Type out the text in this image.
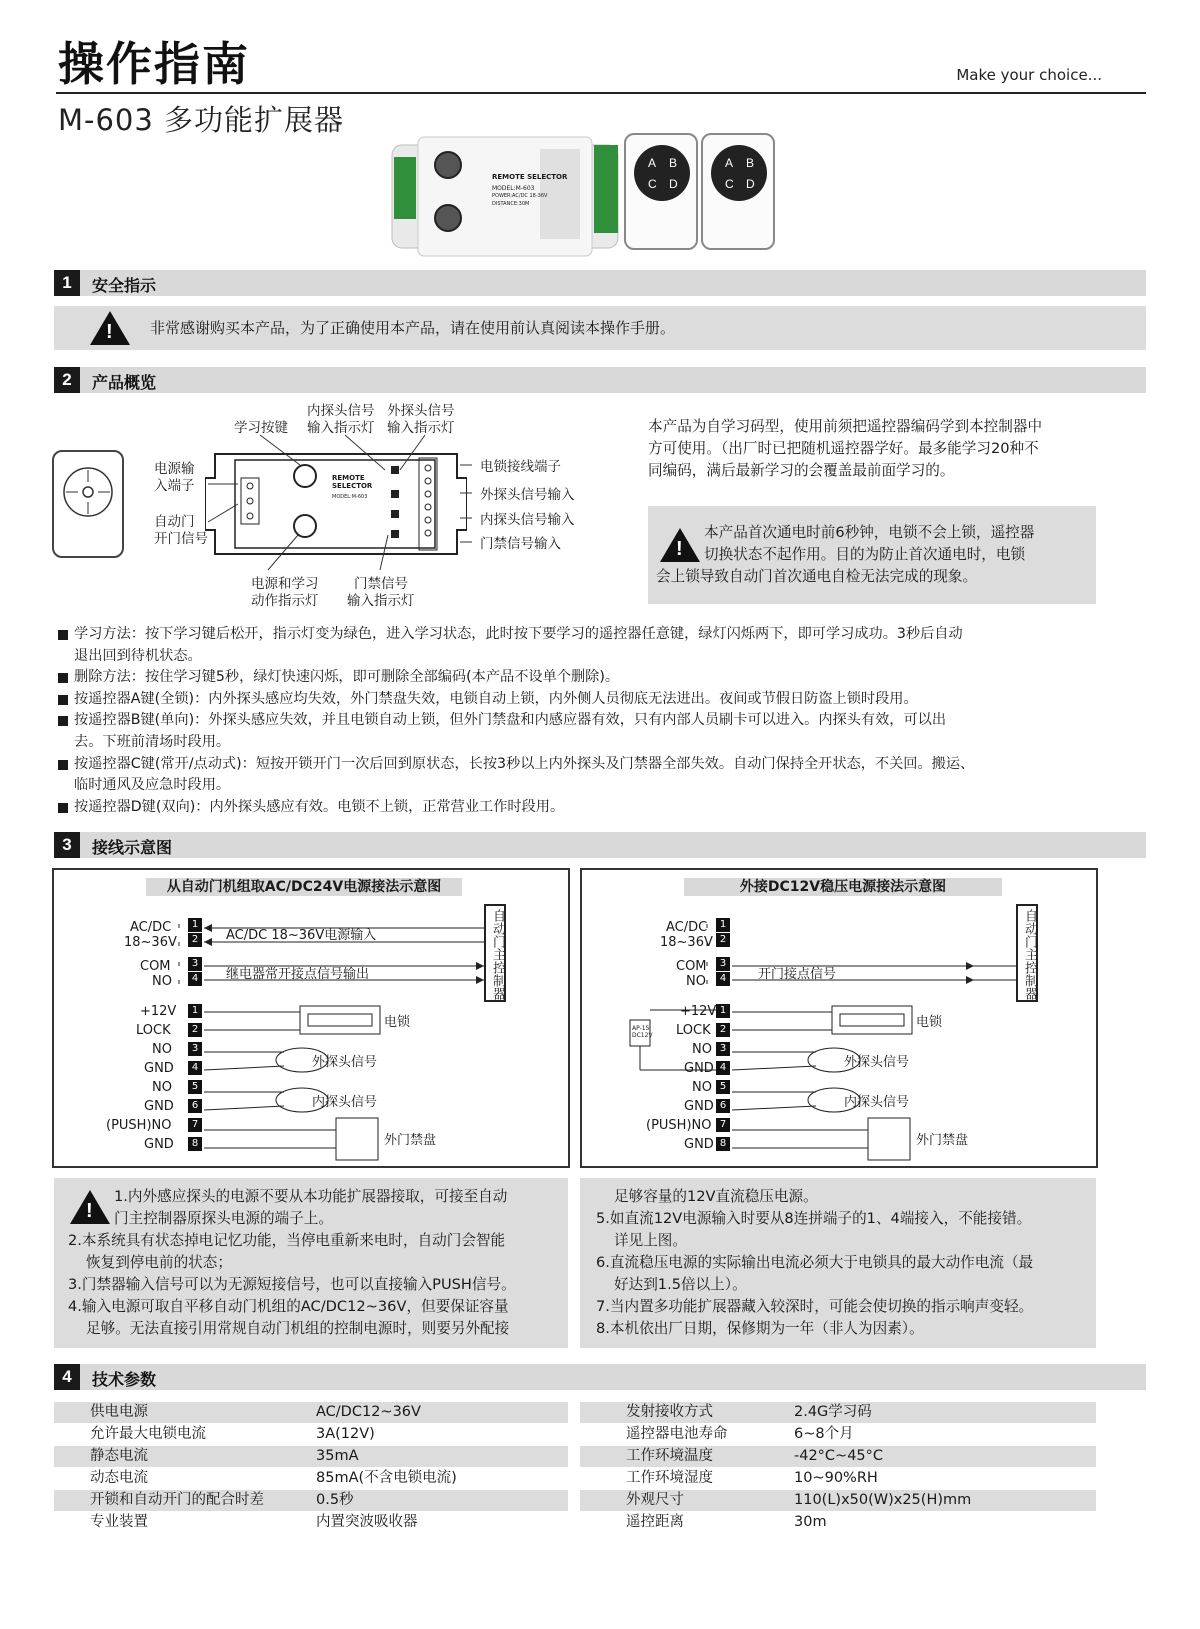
操作指南	Make your choice...
M-603 多功能扩展器
REMOTE SELECTOR
MODEL:M-603
POWER:AC/DC 18-36V
DISTANCE:30M
A B
C D
A B
C D
1	安全指示
!
非常感谢购买本产品，为了正确使用本产品，请在使用前认真阅读本操作手册。
2	产品概览
REMOTE SELECTOR
MODEL:M-603
学习按键
内探头信号
输入指示灯
外探头信号
输入指示灯
电源输
入端子
自动门
开门信号
电源和学习
动作指示灯
门禁信号
输入指示灯
电锁接线端子
外探头信号输入
内探头信号输入
门禁信号输入
本产品为自学习码型，使用前须把遥控器编码学到本控制器中
方可使用。（出厂时已把随机遥控器学好。最多能学习20种不
同编码，满后最新学习的会覆盖最前面学习的。
!
本产品首次通电时前6秒钟，电锁不会上锁，遥控器
切换状态不起作用。目的为防止首次通电时，电锁
会上锁导致自动门首次通电自检无法完成的现象。
学习方法：按下学习键后松开，指示灯变为绿色，进入学习状态，此时按下要学习的遥控器任意键，绿灯闪烁两下，即可学习成功。3秒后自动
退出回到待机状态。
删除方法：按住学习键5秒，绿灯快速闪烁，即可删除全部编码(本产品不设单个删除)。
按遥控器A键(全锁)：内外探头感应均失效，外门禁盘失效，电锁自动上锁，内外侧人员彻底无法进出。夜间或节假日防盗上锁时段用。
按遥控器B键(单向)：外探头感应失效，并且电锁自动上锁，但外门禁盘和内感应器有效，只有内部人员刷卡可以进入。内探头有效，可以出
去。下班前清场时段用。
按遥控器C键(常开/点动式)：短按开锁开门一次后回到原状态，长按3秒以上内外探头及门禁器全部失效。自动门保持全开状态，不关回。搬运、
临时通风及应急时段用。
按遥控器D键(双向)：内外探头感应有效。电锁不上锁，正常营业工作时段用。
3	接线示意图
从自动门机组取AC/DC24V电源接法示意图
自动门主控制器
1
2
3
4
1
2
3
4
5
6
7
8
AC/DC
18~36V
COM
NO
+12V
LOCK
NO
GND
NO
GND
(PUSH)NO
GND
AC/DC 18~36V电源输入
继电器常开接点信号输出
电锁
外探头信号
内探头信号
外门禁盘
外接DC12V稳压电源接法示意图
自动门主控制器
1
2
3
4
1
2
3
4
5
6
7
8
AC/DC
18~36V
COM
NO
+12V
LOCK
NO
GND
NO
GND
(PUSH)NO
GND
AP-15 DC12V
开门接点信号
电锁
外探头信号
内探头信号
外门禁盘
!
1.内外感应探头的电源不要从本功能扩展器接取，可接至自动
门主控制器原探头电源的端子上。
2.本系统具有状态掉电记忆功能，当停电重新来电时，自动门会智能
恢复到停电前的状态；
3.门禁器输入信号可以为无源短接信号，也可以直接输入PUSH信号。
4.输入电源可取自平移自动门机组的AC/DC12~36V，但要保证容量
足够。无法直接引用常规自动门机组的控制电源时，则要另外配接
足够容量的12V直流稳压电源。
5.如直流12V电源输入时要从8连拼端子的1、4端接入，不能接错。
详见上图。
6.直流稳压电源的实际输出电流必须大于电锁具的最大动作电流（最
好达到1.5倍以上）。
7.当内置多功能扩展器藏入较深时，可能会使切换的指示响声变轻。
8.本机依出厂日期，保修期为一年（非人为因素）。
4	技术参数
供电电源	AC/DC12~36V
允许最大电锁电流	3A(12V)
静态电流	35mA
动态电流	85mA(不含电锁电流)
开锁和自动开门的配合时差	0.5秒
专业装置	内置突波吸收器
发射接收方式	2.4G学习码
遥控器电池寿命	6~8个月
工作环境温度	-42°C~45°C
工作环境湿度	10~90%RH
外观尺寸	110(L)x50(W)x25(H)mm
遥控距离	30m
